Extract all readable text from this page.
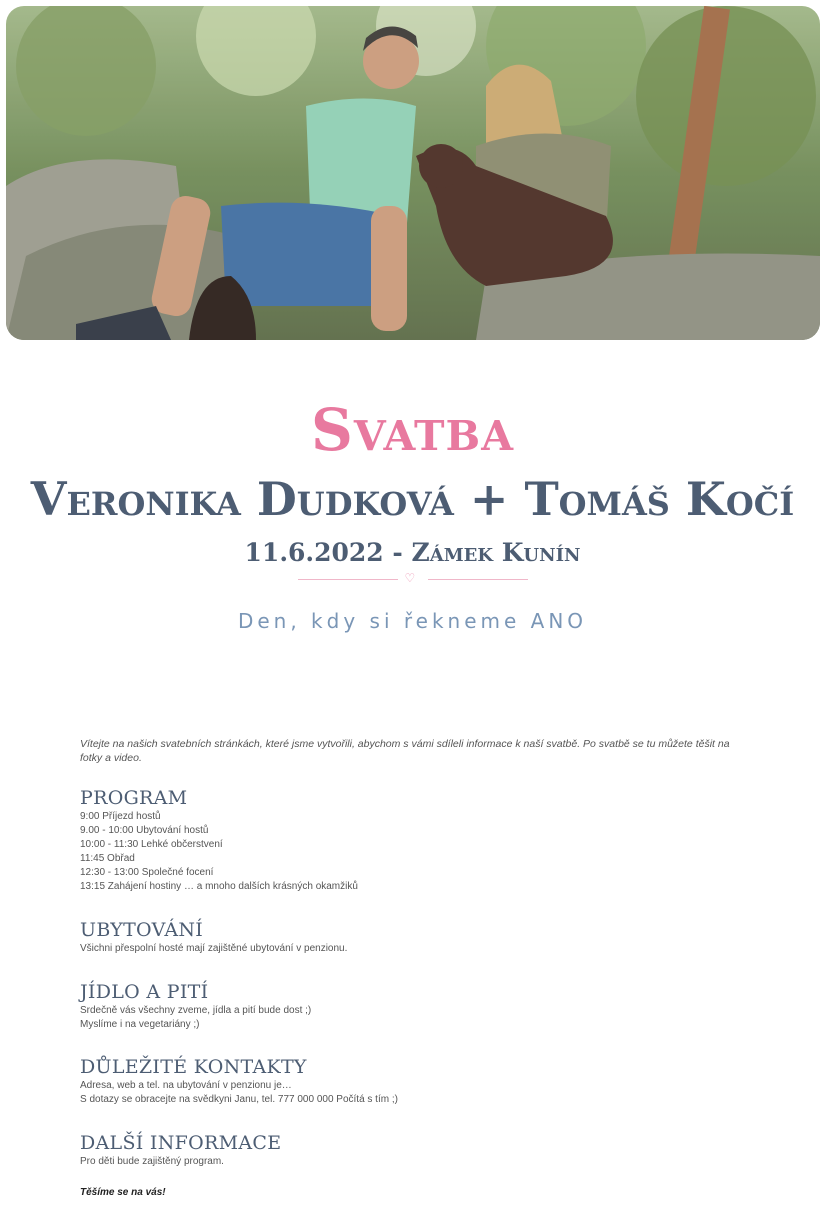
Svatba
Veronika Dudková + Tomáš Kočí
11.6.2022 - Zámek Kunín
♡
Den, kdy si řekneme ANO

Vítejte na našich svatebních stránkách, které jsme vytvořili, abychom s vámi sdíleli informace k naší svatbě. Po svatbě se tu můžete těšit na fotky a video.

PROGRAM

9:00 Příjezd hostů

9.00 - 10:00 Ubytování hostů

10:00 - 11:30 Lehké občerstvení

11:45 Obřad

12:30 - 13:00 Společné focení

13:15 Zahájení hostiny … a mnoho dalších krásných okamžiků

UBYTOVÁNÍ

Všichni přespolní hosté mají zajištěné ubytování v penzionu.

JÍDLO A PITÍ

Srdečně vás všechny zveme, jídla a pití bude dost ;)

Myslíme i na vegetariány ;)

DŮLEŽITÉ KONTAKTY

Adresa, web a tel. na ubytování v penzionu je…

S dotazy se obracejte na svědkyni Janu, tel. 777 000 000 Počítá s tím ;)

DALŠÍ INFORMACE

Pro děti bude zajištěný program.

Těšíme se na vás!
